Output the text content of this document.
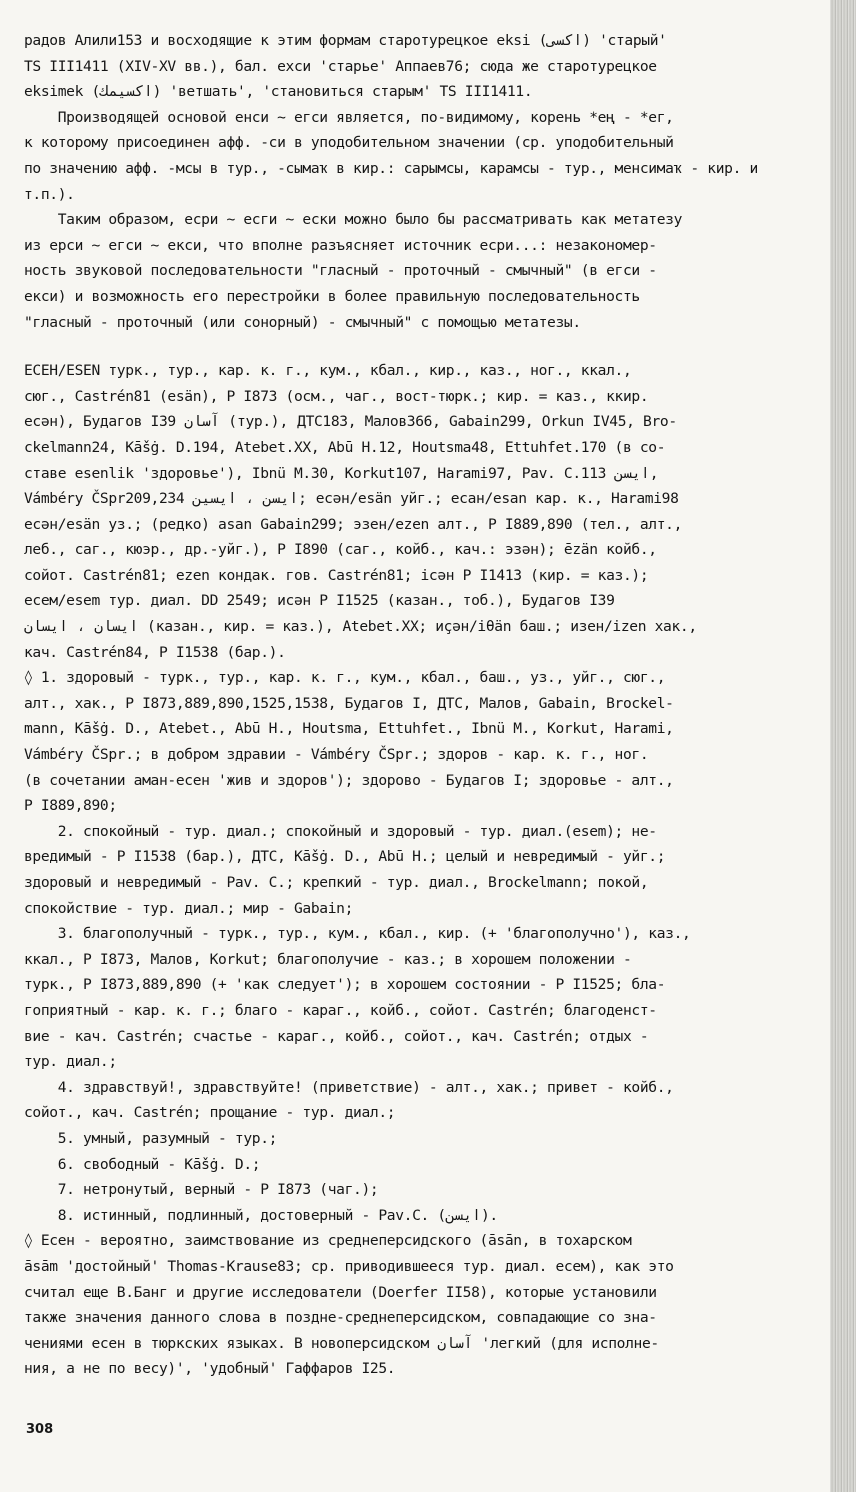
радов Алили153 и восходящие к этим формам старотурецкое eksi (اكسى) 'старый'
TS III1411 (XIV-XV вв.), бал. ехси 'старье' Аппаев76; сюда же старотурецкое
eksimek (اكسيمك) 'ветшать', 'становиться старым' TS III1411.
Производящей основой енси ~ егси является, по-видимому, корень *ең - *ег,
к которому присоединен афф. -си в уподобительном значении (ср. уподобительный
по значению афф. -мсы в тур., -сымаҡ в кир.: сарымсы, карамсы - тур., менсимаҡ - кир. и т.п.).
Таким образом, есри ~ есги ~ ески можно было бы рассматривать как метатезу
из ерси ~ егси ~ екси, что вполне разъясняет источник есри...: незакономер-
ность звуковой последовательности "гласный - проточный - смычный" (в егси -
екси) и возможность его перестройки в более правильную последовательность
"гласный - проточный (или сонорный) - смычный" с помощью метатезы.
ЕСЕН/ESEN турк., тур., кар. к. г., кум., кбал., кир., каз., ног., ккал.,
сюг., Castrén81 (esän), P I873 (осм., чаг., вост-тюрк.; кир. = каз., ккир.
есән), Будагов I39 آسان (тур.), ДТС183, Малов366, Gabain299, Orkun IV45, Bro-
ckelmann24, Kāšġ. D.194, Atebet.XX, Abū H.12, Houtsma48, Ettuhfet.170 (в со-
ставе esenlik 'здоровье'), Ibnü M.30, Korkut107, Harami97, Pav. C.113 ايسن,
Vámbéry ČSpr209,234 ايسن ، ايسين; есән/esän уйг.; есан/esan кар. к., Harami98
есән/esän уз.; (редко) asan Gabain299; эзен/ezen алт., P I889,890 (тел., алт.,
леб., саг., кюэр., др.-уйг.), P I890 (саг., койб., кач.: эзән); ēzän койб.,
сойот. Castrén81; ezen кондак. гов. Castrén81; ісән P I1413 (кир. = каз.);
есем/esem тур. диал. DD 2549; исән P I1525 (казан., тоб.), Будагов I39
ايسان ، ايسان (казан., кир. = каз.), Atebet.XX; иҫән/iθän баш.; изен/izen хак.,
кач. Castrén84, P I1538 (бар.).
◊ 1. здоровый - турк., тур., кар. к. г., кум., кбал., баш., уз., уйг., сюг.,
алт., хак., P I873,889,890,1525,1538, Будагов I, ДТС, Малов, Gabain, Brockel-
mann, Kāšġ. D., Atebet., Abū H., Houtsma, Ettuhfet., Ibnü M., Korkut, Harami,
Vámbéry ČSpr.; в добром здравии - Vámbéry ČSpr.; здоров - кар. к. г., ног.
(в сочетании аман-есен 'жив и здоров'); здорово - Будагов I; здоровье - алт.,
P I889,890;
2. спокойный - тур. диал.; спокойный и здоровый - тур. диал.(esem); не-
вредимый - P I1538 (бар.), ДТС, Kāšġ. D., Abū H.; целый и невредимый - уйг.;
здоровый и невредимый - Pav. C.; крепкий - тур. диал., Brockelmann; покой,
спокойствие - тур. диал.; мир - Gabain;
3. благополучный - турк., тур., кум., кбал., кир. (+ 'благополучно'), каз.,
ккал., P I873, Малов, Korkut; благополучие - каз.; в хорошем положении -
турк., P I873,889,890 (+ 'как следует'); в хорошем состоянии - P I1525; бла-
гоприятный - кар. к. г.; благо - караг., койб., сойот. Castrén; благоденст-
вие - кач. Castrén; счастье - караг., койб., сойот., кач. Castrén; отдых -
тур. диал.;
4. здравствуй!, здравствуйте! (приветствие) - алт., хак.; привет - койб.,
сойот., кач. Castrén; прощание - тур. диал.;
5. умный, разумный - тур.;
6. свободный - Kāšġ. D.;
7. нетронутый, верный - P I873 (чаг.);
8. истинный, подлинный, достоверный - Pav.C. (ايسن).
◊ Есен - вероятно, заимствование из среднеперсидского (āsān, в тохарском
āsām 'достойный' Thomas-Krause83; ср. приводившееся тур. диал. есем), как это
считал еще В.Банг и другие исследователи (Doerfer II58), которые установили
также значения данного слова в поздне-среднеперсидском, совпадающие со зна-
чениями есен в тюркских языках. В новоперсидском آسان 'легкий (для исполне-
ния, а не по весу)', 'удобный' Гаффаров I25.
308
